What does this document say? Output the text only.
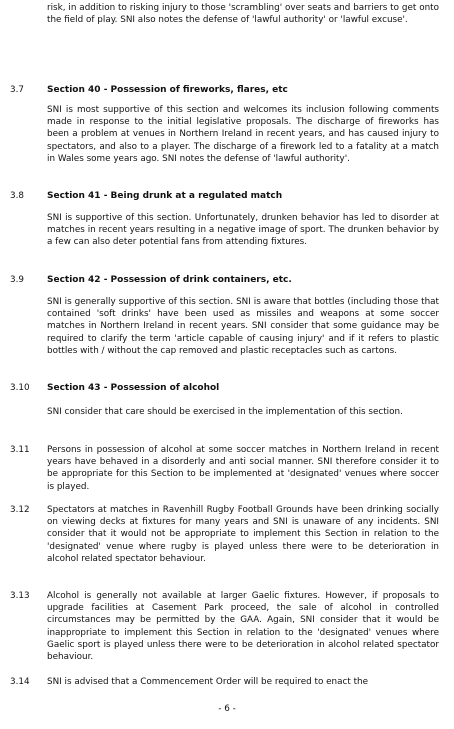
risk, in addition to risking injury to those 'scrambling' over seats and barriers to get onto the field of play. SNI also notes the defense of 'lawful authority' or 'lawful excuse'.

3.7	Section 40 - Possession of fireworks, flares, etc

SNI is most supportive of this section and welcomes its inclusion following comments made in response to the initial legislative proposals. The discharge of fireworks has been a problem at venues in Northern Ireland in recent years, and has caused injury to spectators, and also to a player. The discharge of a firework led to a fatality at a match in Wales some years ago. SNI notes the defense of 'lawful authority'.

3.8	Section 41 - Being drunk at a regulated match

SNI is supportive of this section. Unfortunately, drunken behavior has led to disorder at matches in recent years resulting in a negative image of sport. The drunken behavior by a few can also deter potential fans from attending fixtures.

3.9	Section 42 - Possession of drink containers, etc.

SNI is generally supportive of this section. SNI is aware that bottles (including those that contained 'soft drinks' have been used as missiles and weapons at some soccer matches in Northern Ireland in recent years. SNI consider that some guidance may be required to clarify the term 'article capable of causing injury' and if it refers to plastic bottles with / without the cap removed and plastic receptacles such as cartons.

3.10 Section 43 - Possession of alcohol

SNI consider that care should be exercised in the implementation of this section.

3.11 Persons in possession of alcohol at some soccer matches in Northern Ireland in recent years have behaved in a disorderly and anti social manner. SNI therefore consider it to be appropriate for this Section to be implemented at 'designated' venues where soccer is played.

3.12 Spectators at matches in Ravenhill Rugby Football Grounds have been drinking socially on viewing decks at fixtures for many years and SNI is unaware of any incidents. SNI consider that it would not be appropriate to implement this Section in relation to the 'designated' venue where rugby is played unless there were to be deterioration in alcohol related spectator behaviour.

3.13 Alcohol is generally not available at larger Gaelic fixtures. However, if proposals to upgrade facilities at Casement Park proceed, the sale of alcohol in controlled circumstances may be permitted by the GAA. Again, SNI consider that it would be inappropriate to implement this Section in relation to the 'designated' venues where Gaelic sport is played unless there were to be deterioration in alcohol related spectator behaviour.

3.14 SNI is advised that a Commencement Order will be required to enact the

- 6 -
